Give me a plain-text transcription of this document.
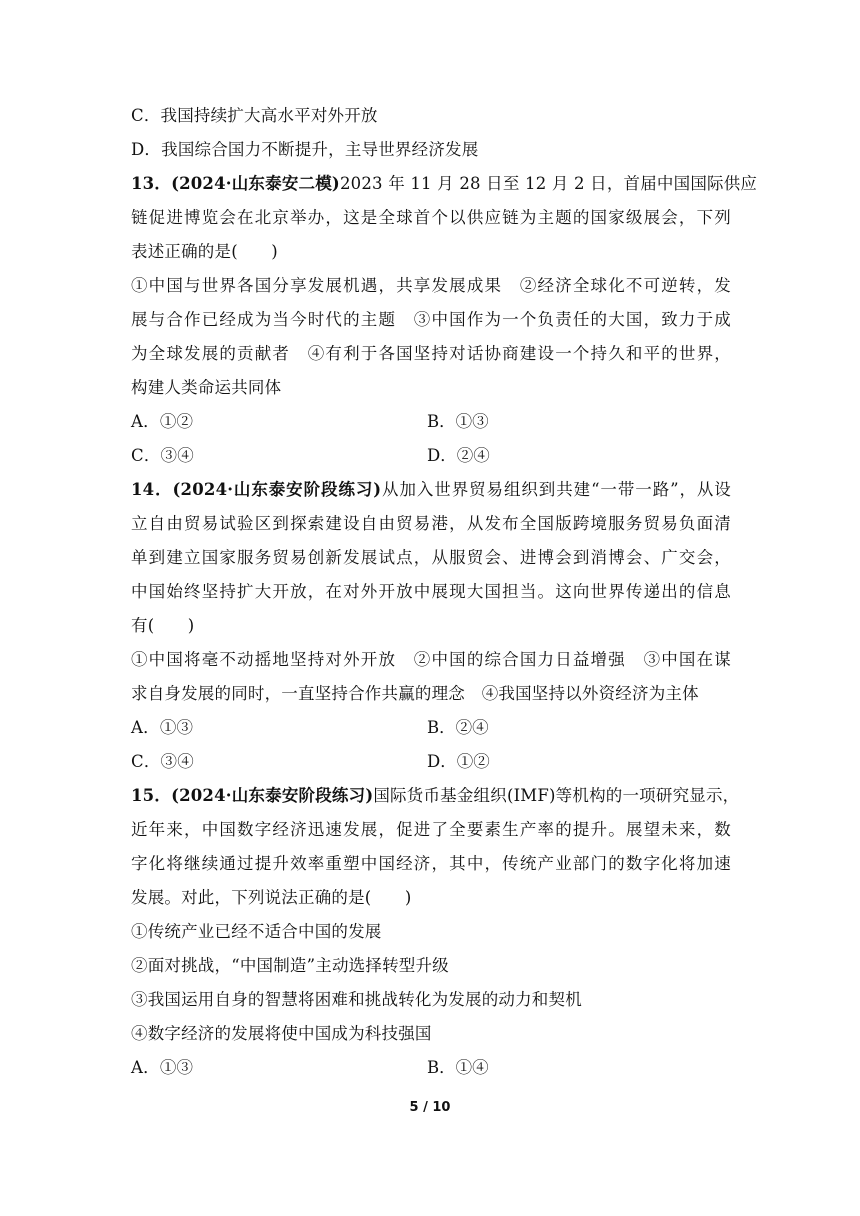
C．我国持续扩大高水平对外开放
D．我国综合国力不断提升，主导世界经济发展
13．(2024·山东泰安二模)2023 年 11 月 28 日至 12 月 2 日，首届中国国际供应
链促进博览会在北京举办，这是全球首个以供应链为主题的国家级展会，下列
表述正确的是(　　)
①中国与世界各国分享发展机遇，共享发展成果　②经济全球化不可逆转，发
展与合作已经成为当今时代的主题　③中国作为一个负责任的大国，致力于成
为全球发展的贡献者　④有利于各国坚持对话协商建设一个持久和平的世界，
构建人类命运共同体
A．①②	B．①③
C．③④	D．②④
14．(2024·山东泰安阶段练习)从加入世界贸易组织到共建“一带一路”，从设
立自由贸易试验区到探索建设自由贸易港，从发布全国版跨境服务贸易负面清
单到建立国家服务贸易创新发展试点，从服贸会、进博会到消博会、广交会，
中国始终坚持扩大开放，在对外开放中展现大国担当。这向世界传递出的信息
有(　　)
①中国将毫不动摇地坚持对外开放　②中国的综合国力日益增强　③中国在谋
求自身发展的同时，一直坚持合作共赢的理念　④我国坚持以外资经济为主体
A．①③	B．②④
C．③④	D．①②
15．(2024·山东泰安阶段练习)国际货币基金组织(IMF)等机构的一项研究显示，
近年来，中国数字经济迅速发展，促进了全要素生产率的提升。展望未来，数
字化将继续通过提升效率重塑中国经济，其中，传统产业部门的数字化将加速
发展。对此，下列说法正确的是(　　)
①传统产业已经不适合中国的发展
②面对挑战，“中国制造”主动选择转型升级
③我国运用自身的智慧将困难和挑战转化为发展的动力和契机
④数字经济的发展将使中国成为科技强国
A．①③	B．①④
5 / 10
